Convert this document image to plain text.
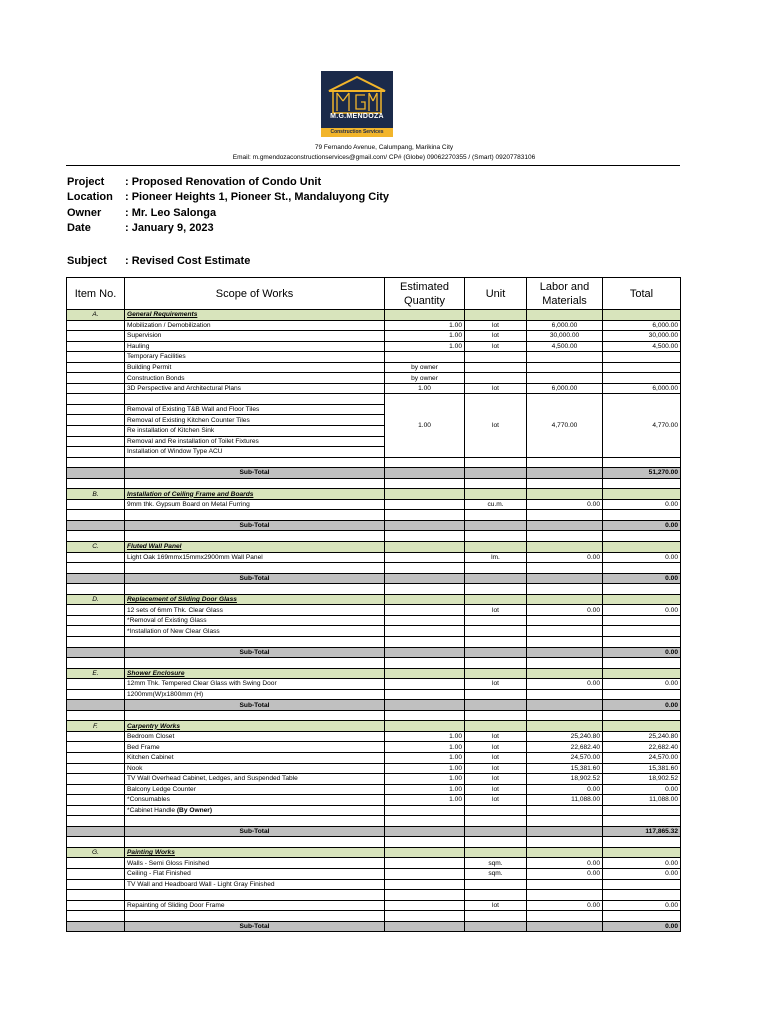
M.G.MENDOZA
Construction Services
79 Fernando Avenue, Calumpang, Marikina City
Email: m.gmendozaconstructionservices@gmail.com/ CP# (Globe) 09062270355 / (Smart) 09207783106
Project : Proposed Renovation of Condo Unit
Location : Pioneer Heights 1, Pioneer St., Mandaluyong City
Owner : Mr. Leo Salonga
Date	: January 9, 2023
Subject : Revised Cost Estimate
Item No.	Scope of Works	Estimated Quantity	Unit	Labor and Materials	Total
A.	General Requirements				
	Mobilization / Demobilization	1.00	lot	6,000.00	6,000.00
	Supervision	1.00	lot	30,000.00	30,000.00
	Hauling	1.00	lot	4,500.00	4,500.00
	Temporary Facilities				
	Building Permit	by owner			
	Construction Bonds	by owner			
	3D Perspective and Architectural Plans	1.00	lot	6,000.00	6,000.00
		1.00	lot	4,770.00	4,770.00
	Removal of Existing T&B Wall and Floor Tiles				
	Removal of Existing Kitchen Counter Tiles				
	Re installation of Kitchen Sink				
	Removal and Re installation of Toilet Fixtures				
	Installation of Window Type ACU				

	Sub-Total				51,270.00

B.	Installation of Ceiling Frame and Boards				
	9mm thk. Gypsum Board on Metal Furring		cu.m.	0.00	0.00

	Sub-Total				0.00

C.	Fluted Wall Panel				
	Light Oak 169mmx15mmx2900mm Wall Panel		lm.	0.00	0.00

	Sub-Total				0.00

D.	Replacement of Sliding Door Glass				
	12 sets of 6mm Thk. Clear Glass		lot	0.00	0.00
	*Removal of Existing Glass				
	*Installation of New Clear Glass				

	Sub-Total				0.00

E.	Shower Enclosure				
	12mm Thk. Tempered Clear Glass with Swing Door		lot	0.00	0.00
	1200mm(W)x1800mm (H)				
	Sub-Total				0.00

F.	Carpentry Works				
	Bedroom Closet	1.00	lot	25,240.80	25,240.80
	Bed Frame	1.00	lot	22,682.40	22,682.40
	Kitchen Cabinet	1.00	lot	24,570.00	24,570.00
	Nook	1.00	lot	15,381.60	15,381.60
	TV Wall Overhead Cabinet, Ledges, and Suspended Table	1.00	lot	18,902.52	18,902.52
	Balcony Ledge Counter	1.00	lot	0.00	0.00
	*Consumables	1.00	lot	11,088.00	11,088.00
	*Cabinet Handle (By Owner)				

	Sub-Total				117,865.32

G.	Painting Works				
	Walls - Semi Gloss Finished		sqm.	0.00	0.00
	Ceiling - Flat Finished		sqm.	0.00	0.00
	TV Wall and Headboard Wall - Light Gray Finished				

	Repainting of Sliding Door Frame		lot	0.00	0.00

	Sub-Total				0.00
